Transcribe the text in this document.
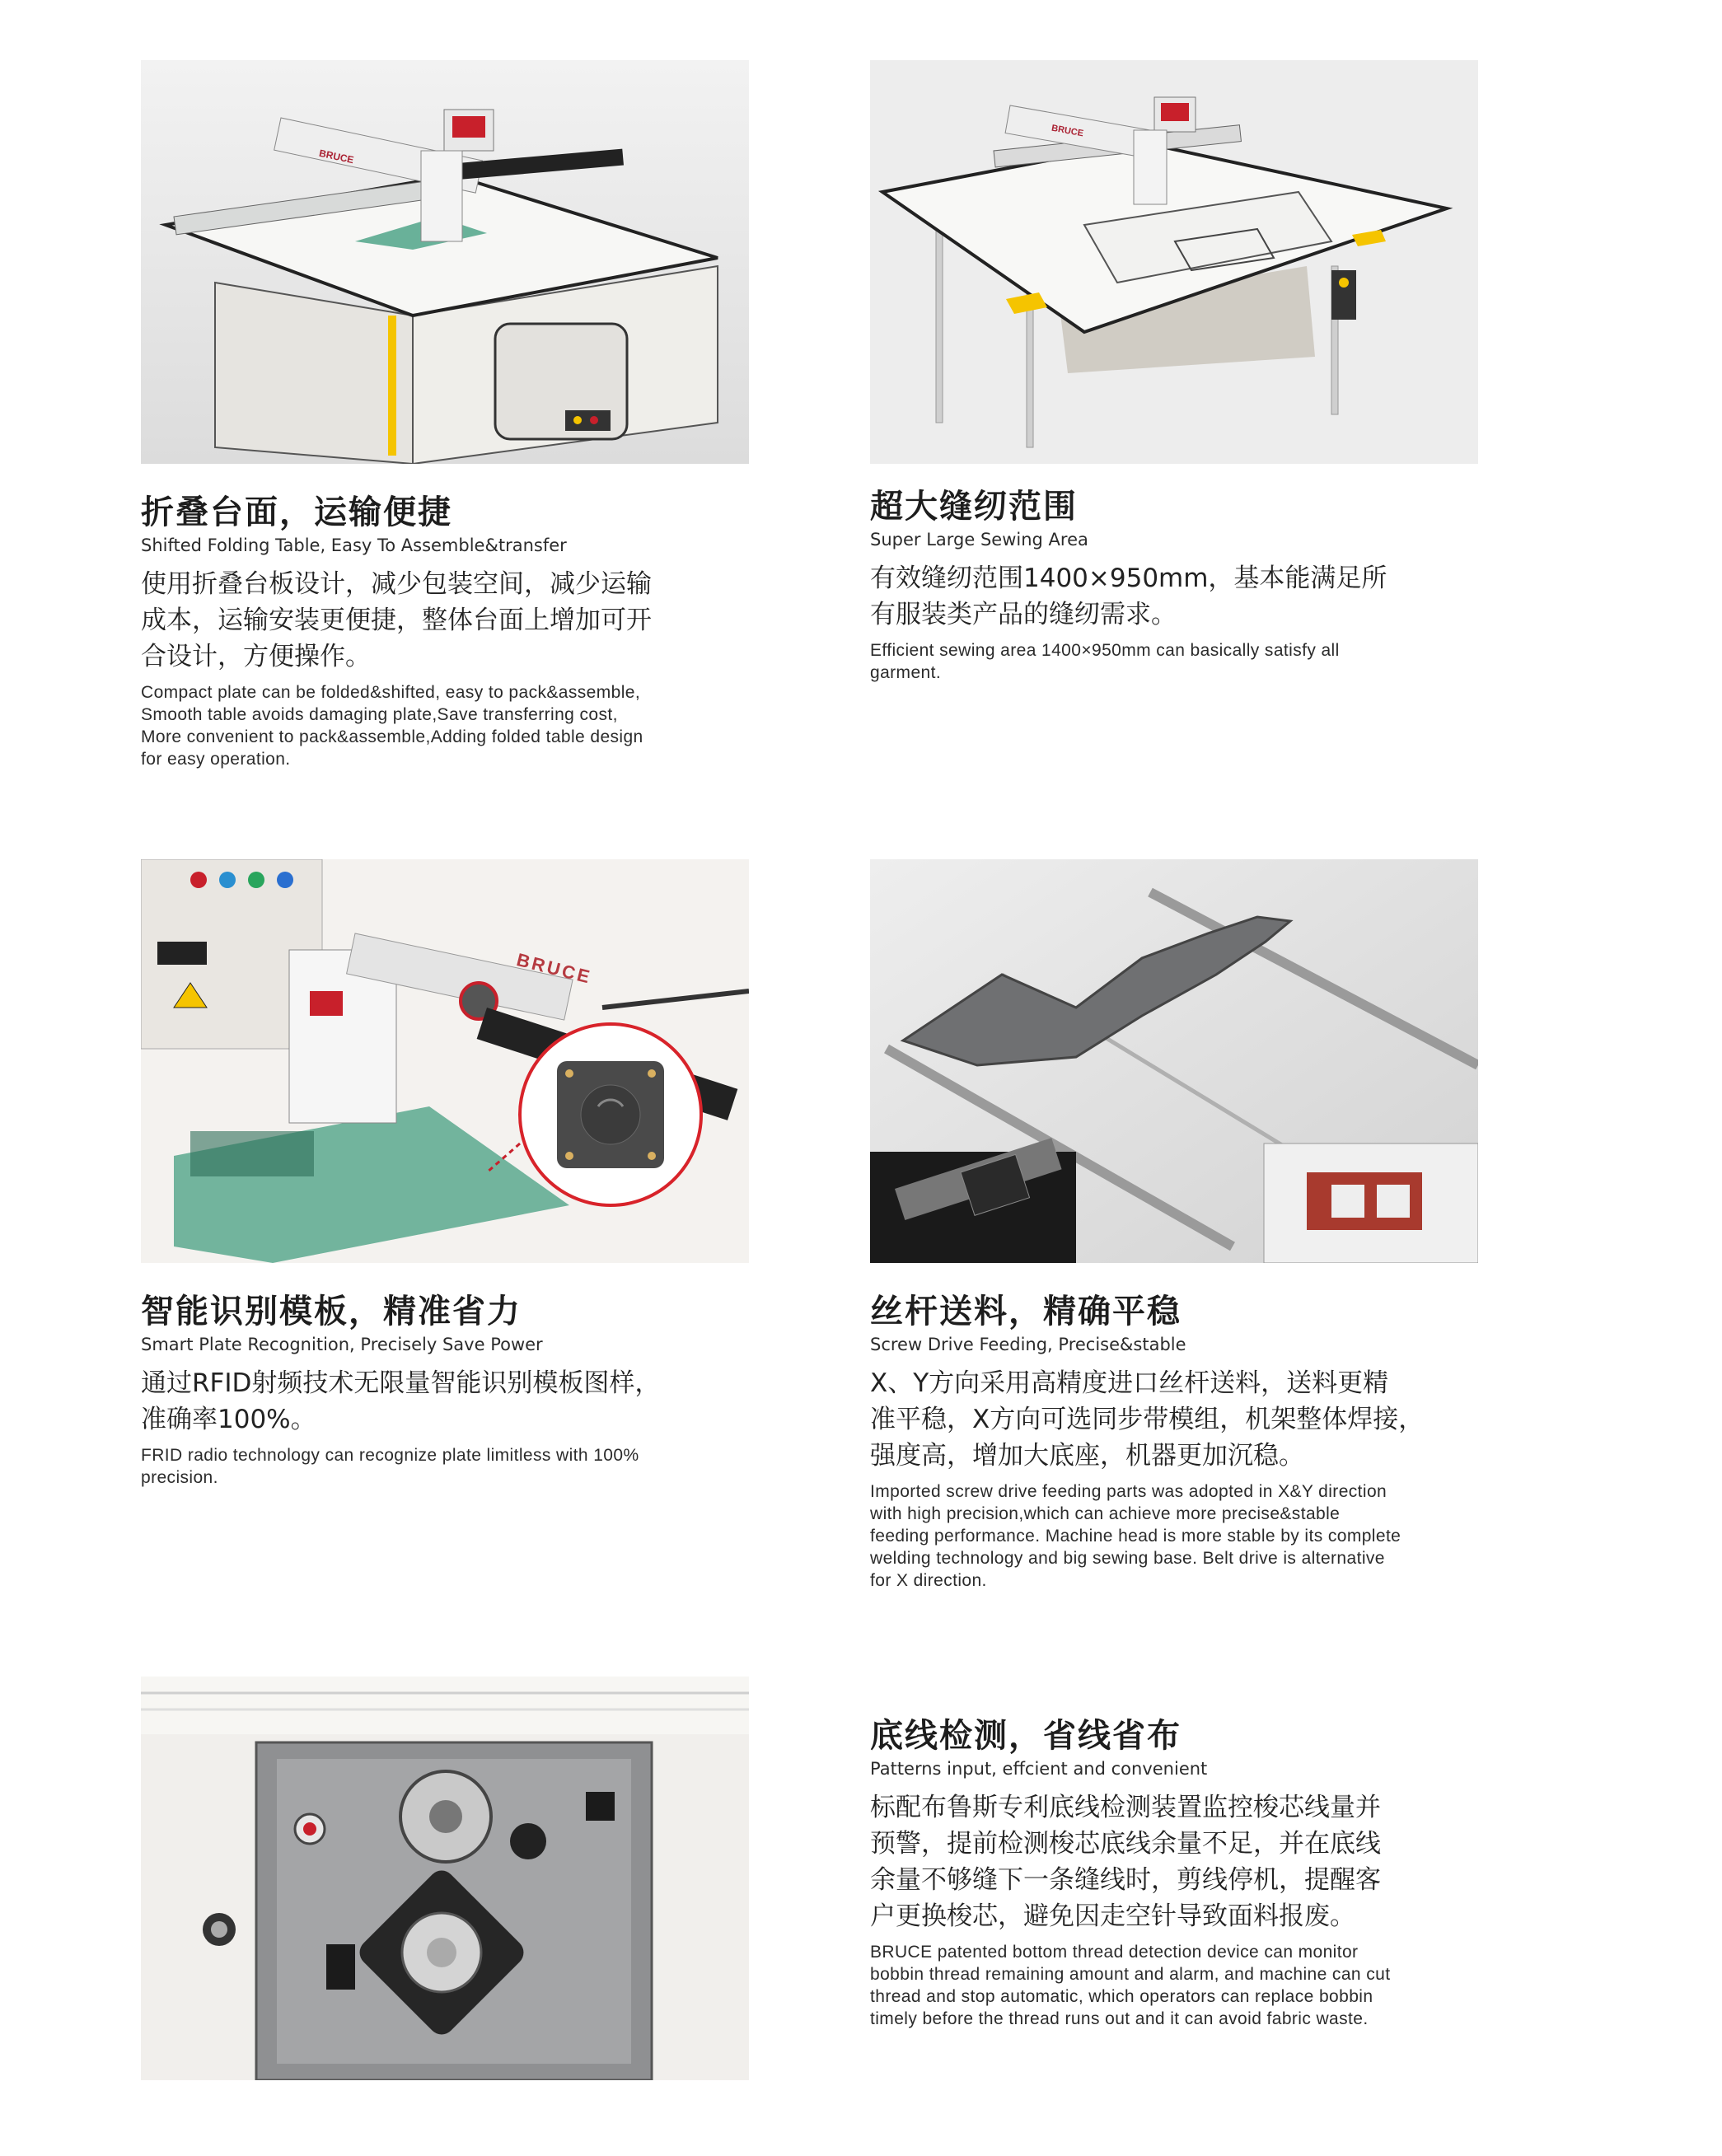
BRUCE
BRUCE
BRUCE
折叠台面，运输便捷
Shifted Folding Table, Easy To Assemble&transfer
使用折叠台板设计，减少包装空间，减少运输
成本，运输安装更便捷，整体台面上增加可开
合设计，方便操作。
Compact plate can be folded&shifted, easy to pack&assemble,
Smooth table avoids damaging plate,Save transferring cost,
More convenient to pack&assemble,Adding folded table design
for easy operation.
超大缝纫范围
Super Large Sewing Area
有效缝纫范围1400×950mm，基本能满足所
有服装类产品的缝纫需求。
Efficient sewing area 1400×950mm can basically satisfy all
garment.
智能识别模板，精准省力
Smart Plate Recognition, Precisely Save Power
通过RFID射频技术无限量智能识别模板图样，
准确率100%。
FRID radio technology can recognize plate limitless with 100%
precision.
丝杆送料，精确平稳
Screw Drive Feeding, Precise&stable
X、Y方向采用高精度进口丝杆送料，送料更精
准平稳，X方向可选同步带模组，机架整体焊接，
强度高，增加大底座，机器更加沉稳。
Imported screw drive feeding parts was adopted in X&Y direction
with high precision,which can achieve more precise&stable
feeding performance. Machine head is more stable by its complete
welding technology and big sewing base. Belt drive is alternative
for X direction.
底线检测，省线省布
Patterns input, effcient and convenient
标配布鲁斯专利底线检测装置监控梭芯线量并
预警，提前检测梭芯底线余量不足，并在底线
余量不够缝下一条缝线时，剪线停机，提醒客
户更换梭芯，避免因走空针导致面料报废。
BRUCE patented bottom thread detection device can monitor
bobbin thread remaining amount and alarm, and machine can cut
thread and stop automatic, which operators can replace bobbin
timely before the thread runs out and it can avoid fabric waste.
